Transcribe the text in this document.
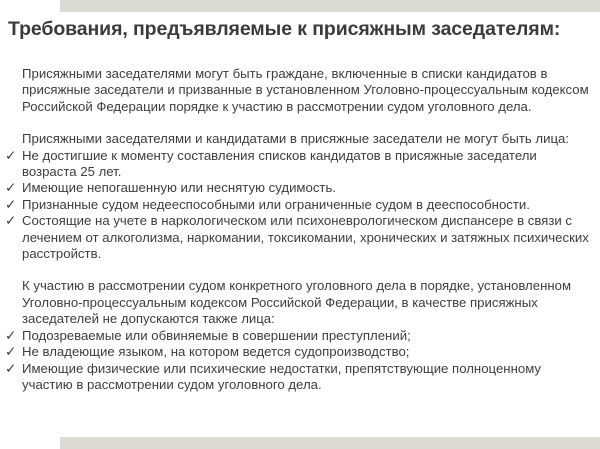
Требования, предъявляемые к присяжным заседателям:

Присяжными заседателями могут быть граждане, включенные в списки кандидатов в присяжные заседатели и призванные в установленном Уголовно-процессуальным кодексом Российской Федерации порядке к участию в рассмотрении судом уголовного дела.

Присяжными заседателями и кандидатами в присяжные заседатели не могут быть лица:

✓ Не достигшие к моменту составления списков кандидатов в присяжные заседатели возраста 25 лет.
✓ Имеющие непогашенную или неснятую судимость.
✓ Признанные судом недееспособными или ограниченные судом в дееспособности.
✓ Состоящие на учете в наркологическом или психоневрологическом диспансере в связи с лечением от алкоголизма, наркомании, токсикомании, хронических и затяжных психических расстройств.

К участию в рассмотрении судом конкретного уголовного дела в порядке, установленном Уголовно-процессуальным кодексом Российской Федерации, в качестве присяжных заседателей не допускаются также лица:

✓ Подозреваемые или обвиняемые в совершении преступлений;
✓ Не владеющие языком, на котором ведется судопроизводство;
✓ Имеющие физические или психические недостатки, препятствующие полноценному участию в рассмотрении судом уголовного дела.
